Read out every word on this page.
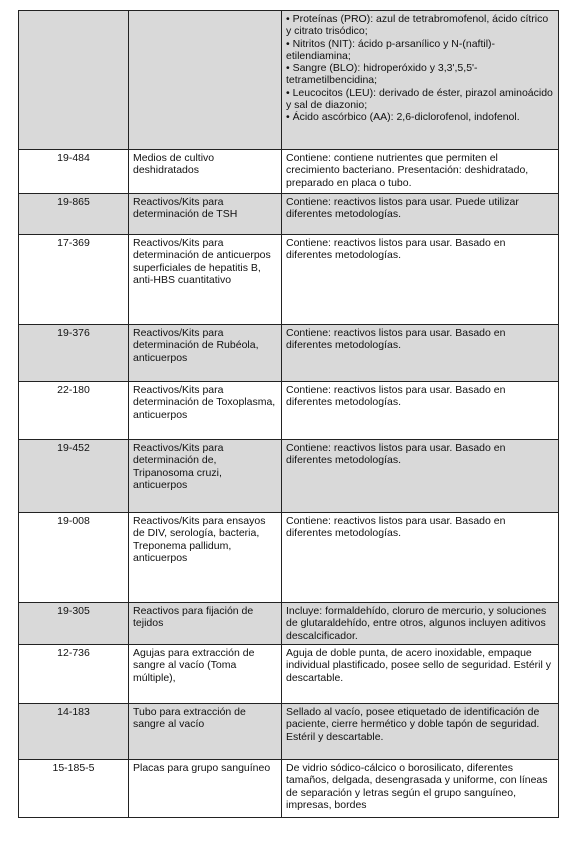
		• Proteínas (PRO): azul de tetrabromofenol, ácido cítrico y citrato trisódico;
• Nitritos (NIT): ácido p-arsanílico y N-(naftil)-etilendiamina;
• Sangre (BLO): hidroperóxido y 3,3',5,5'-tetrametilbencidina;
• Leucocitos (LEU): derivado de éster, pirazol aminoácido y sal de diazonio;
• Ácido ascórbico (AA): 2,6-diclorofenol, indofenol.
19-484	Medios de cultivo deshidratados	Contiene: contiene nutrientes que permiten el crecimiento bacteriano. Presentación: deshidratado, preparado en placa o tubo.
19-865	Reactivos/Kits para determinación de TSH	Contiene: reactivos listos para usar. Puede utilizar diferentes metodologías.
17-369	Reactivos/Kits para determinación de anticuerpos superficiales de hepatitis B, anti-HBS cuantitativo	Contiene: reactivos listos para usar. Basado en diferentes metodologías.
19-376	Reactivos/Kits para determinación de Rubéola, anticuerpos	Contiene: reactivos listos para usar. Basado en diferentes metodologías.
22-180	Reactivos/Kits para determinación de Toxoplasma, anticuerpos	Contiene: reactivos listos para usar. Basado en diferentes metodologías.
19-452	Reactivos/Kits para determinación de, Tripanosoma cruzi, anticuerpos	Contiene: reactivos listos para usar. Basado en diferentes metodologías.
19-008	Reactivos/Kits para ensayos de DIV, serología, bacteria, Treponema pallidum, anticuerpos	Contiene: reactivos listos para usar. Basado en diferentes metodologías.
19-305	Reactivos para fijación de tejidos	Incluye: formaldehído, cloruro de mercurio, y soluciones de glutaraldehído, entre otros, algunos incluyen aditivos descalcificador.
12-736	Agujas para extracción de sangre al vacío (Toma múltiple),	Aguja de doble punta, de acero inoxidable, empaque individual plastificado, posee sello de seguridad. Estéril y descartable.
14-183	Tubo para extracción de sangre al vacío	Sellado al vacío, posee etiquetado de identificación de paciente, cierre hermético y doble tapón de seguridad. Estéril y descartable.
15-185-5	Placas para grupo sanguíneo	De vidrio sódico-cálcico o borosilicato, diferentes tamaños, delgada, desengrasada y uniforme, con líneas de separación y letras según el grupo sanguíneo, impresas, bordes
